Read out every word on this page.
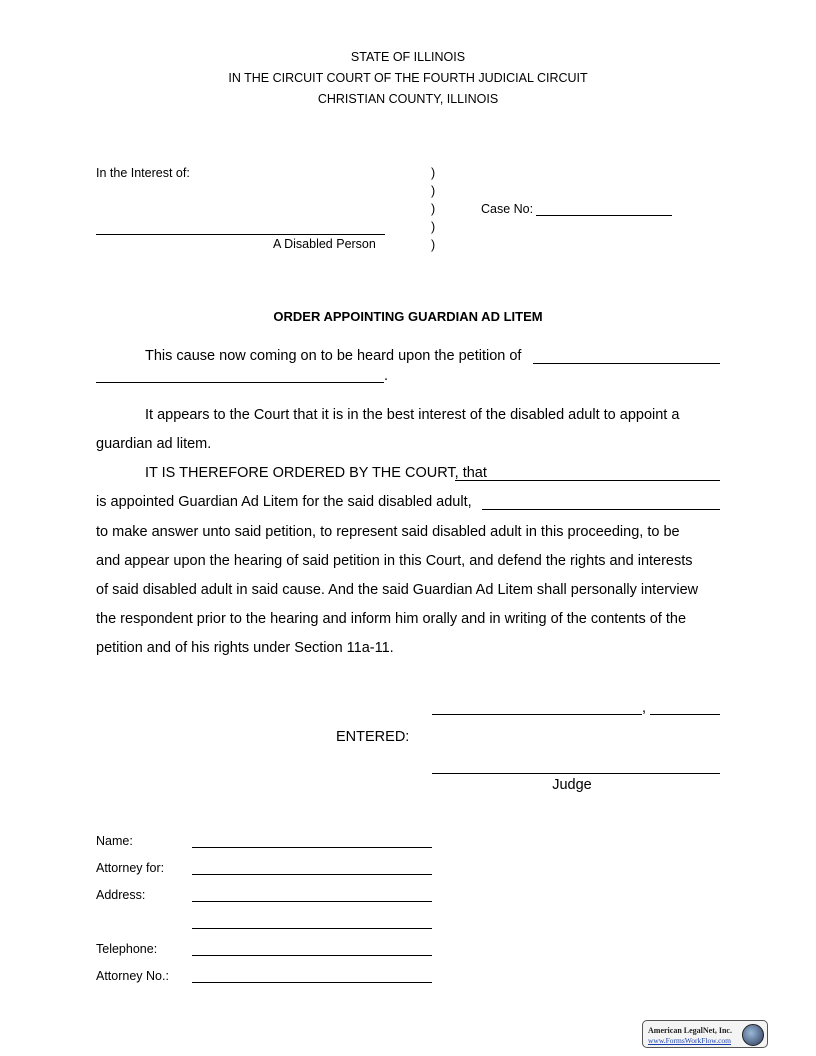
STATE OF ILLINOIS
IN THE CIRCUIT COURT OF THE FOURTH JUDICIAL CIRCUIT
CHRISTIAN COUNTY, ILLINOIS
In the Interest of:
A Disabled Person
)
)
)
)
)
Case No:
ORDER APPOINTING GUARDIAN AD LITEM
This cause now coming on to be heard upon the petition of
.
It appears to the Court that it is in the best interest of the disabled adult to appoint a
guardian ad litem.
IT IS THEREFORE ORDERED BY THE COURT, that
is appointed Guardian Ad Litem for the said disabled adult,
to make answer unto said petition, to represent said disabled adult in this proceeding, to be
and appear upon the hearing of said petition in this Court, and defend the rights and interests
of said disabled adult in said cause. And the said Guardian Ad Litem shall personally interview
the respondent prior to the hearing and inform him orally and in writing of the contents of the
petition and of his rights under Section 11a-11.
,
ENTERED:
Judge
Name:
Attorney for:
Address:
Telephone:
Attorney No.:
American LegalNet, Inc.
www.FormsWorkFlow.com
